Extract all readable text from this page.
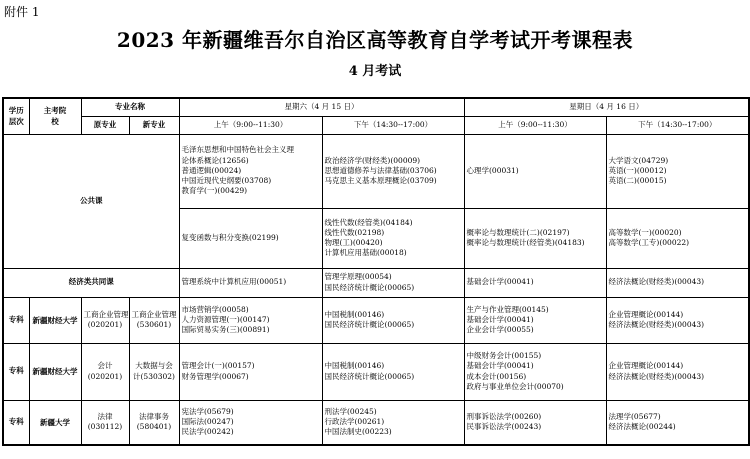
附件 1
2023 年新疆维吾尔自治区高等教育自学考试开考课程表
4 月考试
学历层次	主考院校	专业名称		星期六（4 月 15 日）		星期日（4 月 16 日）	
		原专业	新专业	上午（9:00--11:30）	下午（14:30--17:00）	上午（9:00--11:30）	下午（14:30--17:00）
公共课				毛泽东思想和中国特色社会主义理
论体系概论(12656)
普通逻辑(00024)
中国近现代史纲要(03708)
教育学(一)(00429)	政治经济学(财经类)(00009)
思想道德修养与法律基础(03706)
马克思主义基本原理概论(03709)	心理学(00031)	大学语文(04729)
英语(一)(00012)
英语(二)(00015)

				复变函数与积分变换(02199)	线性代数(经管类)(04184)
线性代数(02198)
物理(工)(00420)
计算机应用基础(00018)	概率论与数理统计(二)(02197)
概率论与数理统计(经管类)(04183)	高等数学(一)(00020)
高等数学(工专)(00022)

经济类共同课				管理系统中计算机应用(00051)	管理学原理(00054)
国民经济统计概论(00065)	基础会计学(00041)	经济法概论(财经类)(00043)

专科	新疆财经大学	工商企业管理
(020201)	工商企业管理
(530601)	市场营销学(00058)
人力资源管理(一)(00147)
国际贸易实务(三)(00891)	中国税制(00146)
国民经济统计概论(00065)	生产与作业管理(00145)
基础会计学(00041)
企业会计学(00055)	企业管理概论(00144)
经济法概论(财经类)(00043)

专科	新疆财经大学	会计
(020201)	大数据与会
计(530302)	管理会计(一)(00157)
财务管理学(00067)	中国税制(00146)
国民经济统计概论(00065)	中级财务会计(00155)
基础会计学(00041)
成本会计(00156)
政府与事业单位会计(00070)	企业管理概论(00144)
经济法概论(财经类)(00043)

专科	新疆大学	法律
(030112)	法律事务
(580401)	宪法学(05679)
国际法(00247)
民法学(00242)	刑法学(00245)
行政法学(00261)
中国法制史(00223)	刑事诉讼法学(00260)
民事诉讼法学(00243)	法理学(05677)
经济法概论(00244)
